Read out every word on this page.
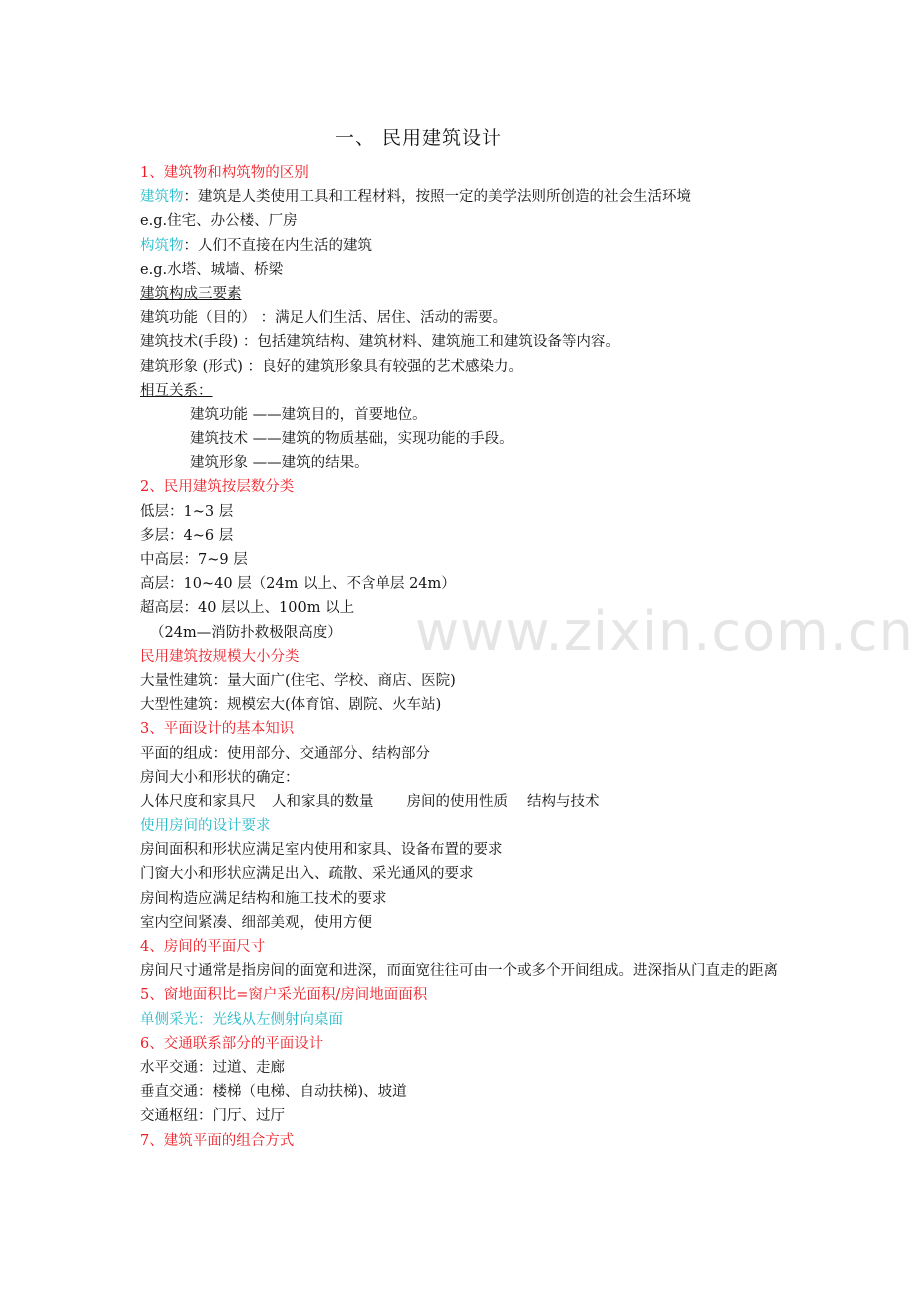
www.zixin.com.cn
一、 民用建筑设计
1、建筑物和构筑物的区别
建筑物：建筑是人类使用工具和工程材料，按照一定的美学法则所创造的社会生活环境
e.g.住宅、办公楼、厂房
构筑物：人们不直接在内生活的建筑
e.g.水塔、城墙、桥梁
建筑构成三要素
建筑功能（目的） ：满足人们生活、居住、活动的需要。
建筑技术(手段) ：包括建筑结构、建筑材料、建筑施工和建筑设备等内容。
建筑形象 (形式) ：良好的建筑形象具有较强的艺术感染力。
相互关系：
建筑功能 ——建筑目的，首要地位。
建筑技术 ——建筑的物质基础，实现功能的手段。
建筑形象 ——建筑的结果。
2、民用建筑按层数分类
低层：1~3 层
多层：4~6 层
中高层：7~9 层
高层：10~40 层（24m 以上、不含单层 24m）
超高层：40 层以上、100m 以上
（24m—消防扑救极限高度）
民用建筑按规模大小分类
大量性建筑：量大面广(住宅、学校、商店、医院)
大型性建筑：规模宏大(体育馆、剧院、火车站)
3、平面设计的基本知识
平面的组成：使用部分、交通部分、结构部分
房间大小和形状的确定：
人体尺度和家具尺 人和家具的数量 房间的使用性质 结构与技术
使用房间的设计要求
房间面积和形状应满足室内使用和家具、设备布置的要求
门窗大小和形状应满足出入、疏散、采光通风的要求
房间构造应满足结构和施工技术的要求
室内空间紧凑、细部美观，使用方便
4、房间的平面尺寸
房间尺寸通常是指房间的面宽和进深，而面宽往往可由一个或多个开间组成。进深指从门直走的距离
5、窗地面积比=窗户采光面积/房间地面面积
单侧采光：光线从左侧射向桌面
6、交通联系部分的平面设计
水平交通：过道、走廊
垂直交通：楼梯（电梯、自动扶梯)、坡道
交通枢纽：门厅、过厅
7、建筑平面的组合方式
